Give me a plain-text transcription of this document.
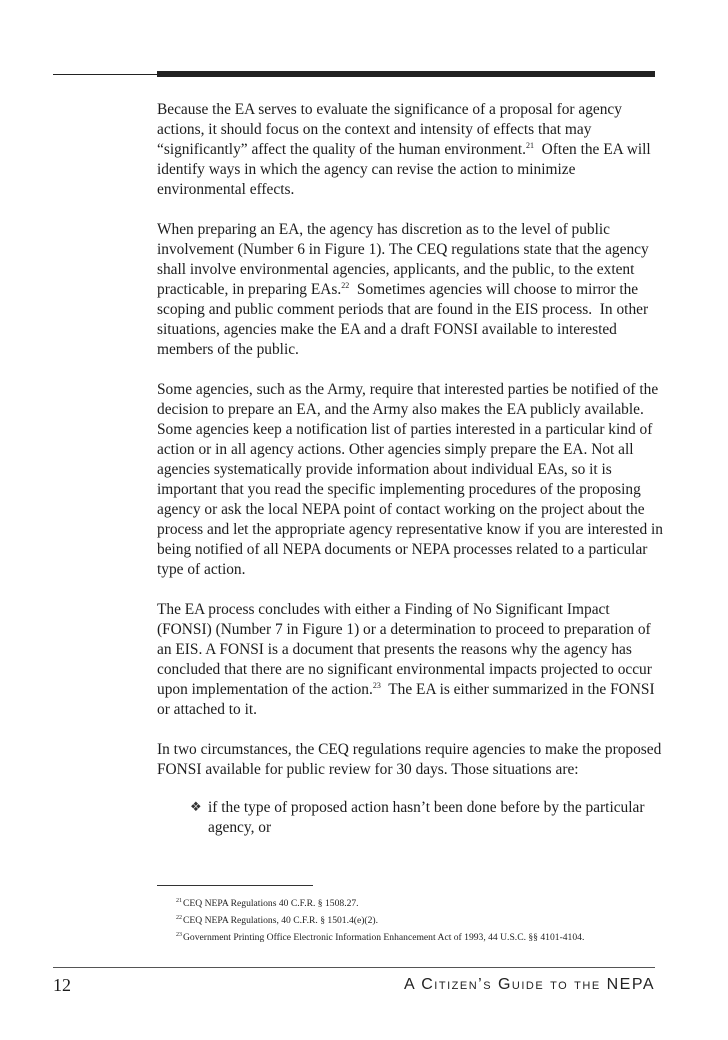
Because the EA serves to evaluate the significance of a proposal for agency actions, it should focus on the context and intensity of effects that may “significantly” affect the quality of the human environment.$^{21}$  Often the EA will identify ways in which the agency can revise the action to minimize environmental effects.

When preparing an EA, the agency has discretion as to the level of public involvement (Number 6 in Figure 1). The CEQ regulations state that the agency shall involve environmental agencies, applicants, and the public, to the extent practicable, in preparing EAs.$^{22}$  Sometimes agencies will choose to mirror the scoping and public comment periods that are found in the EIS process.  In other situations, agencies make the EA and a draft FONSI available to interested members of the public.

Some agencies, such as the Army, require that interested parties be notified of the decision to prepare an EA, and the Army also makes the EA publicly available. Some agencies keep a notification list of parties interested in a particular kind of action or in all agency actions. Other agencies simply prepare the EA. Not all agencies systematically provide information about individual EAs, so it is important that you read the specific implementing procedures of the proposing agency or ask the local NEPA point of contact working on the project about the process and let the appropriate agency representative know if you are interested in being notified of all NEPA documents or NEPA processes related to a particular type of action.

The EA process concludes with either a Finding of No Significant Impact (FONSI) (Number 7 in Figure 1) or a determination to proceed to preparation of an EIS. A FONSI is a document that presents the reasons why the agency has concluded that there are no significant environmental impacts projected to occur upon implementation of the action.$^{23}$  The EA is either summarized in the FONSI or attached to it.

In two circumstances, the CEQ regulations require agencies to make the proposed FONSI available for public review for 30 days. Those situations are:

❖ if the type of proposed action hasn’t been done before by the particular agency, or
$^{21}$CEQ NEPA Regulations 40 C.F.R. § 1508.27.
$^{22}$CEQ NEPA Regulations, 40 C.F.R. § 1501.4(e)(2).
$^{23}$Government Printing Office Electronic Information Enhancement Act of 1993, 44 U.S.C. §§ 4101-4104.
12	A Citizen’s Guide to the NEPA
